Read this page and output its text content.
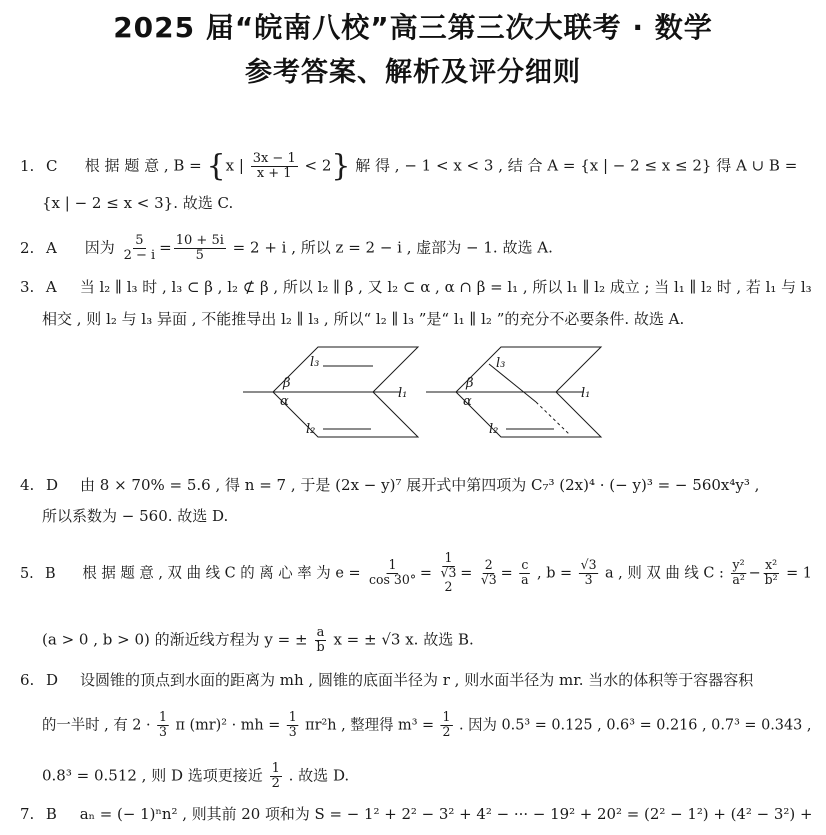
2025 届“皖南八校”高三第三次大联考 · 数学
参考答案、解析及评分细则
1. C 根 据 题 意 , B = {x | $\frac{3x - 1}{x + 1} < 2$} 解 得 , − 1 < x < 3 , 结 合 A = {x | − 2 ≤ x ≤ 2} 得 A ∪ B =
{x | − 2 ≤ x < 3}. 故选 C.
2. A 因为 $\frac{5}{2 - i} = \frac{10 + 5i}{5} = 2 + i$ , 所以 z = 2 − i , 虚部为 − 1. 故选 A.
3. A 当 l₂ ∥ l₃ 时 , l₃ ⊂ β , l₂ ⊄ β , 所以 l₂ ∥ β , 又 l₂ ⊂ α , α ∩ β = l₁ , 所以 l₁ ∥ l₂ 成立 ; 当 l₁ ∥ l₂ 时 , 若 l₁ 与 l₃
相交 , 则 l₂ 与 l₃ 异面 , 不能推导出 l₂ ∥ l₃ , 所以“ l₂ ∥ l₃ ”是“ l₁ ∥ l₂ ”的充分不必要条件. 故选 A.
l₃
l₁
l₂
β
α
l₃
l₁
l₂
β
α
4. D 由 8 × 70% = 5.6 , 得 n = 7 , 于是 (2x − y)⁷ 展开式中第四项为 C₇³ (2x)⁴ · (− y)³ = − 560x⁴y³ ,
所以系数为 − 560. 故选 D.
5. B 根 据 题 意 , 双 曲 线 C 的 离 心 率 为 $e = \frac{1}{\cos 30^\circ} = 1$
√3
$2 = \frac{2}{√3} = \frac{c}{a}$ , $b = \frac{√3}{3}$ a , 则 双 曲 线 C : $\frac{\text{y²}}{\text{a²}} - \frac{\text{x²}}{\text{b²}} = 1$
(a > 0 , b > 0) 的渐近线方程为 y = ± $\frac{a}{b}$ x = ± √3 x. 故选 B.
6. D 设圆锥的顶点到水面的距离为 mh , 圆锥的底面半径为 r , 则水面半径为 mr. 当水的体积等于容器容积
的一半时 , 有 $2 \cdot \frac{1}{3}$ π (mr)² · mh = $\frac{1}{3} \pi r^2h$ , 整理得 $m^3 = \frac{1}{2}$ . 因为 0.5³ = 0.125 , 0.6³ = 0.216 , 0.7³ = 0.343 ,
0.8³ = 0.512 , 则 D 选项更接近 $\frac{1}{2}$ . 故选 D.
7. B aₙ = (− 1)ⁿn² , 则其前 20 项和为 S = − 1² + 2² − 3² + 4² − ··· − 19² + 20² = (2² − 1²) + (4² − 3²) +
